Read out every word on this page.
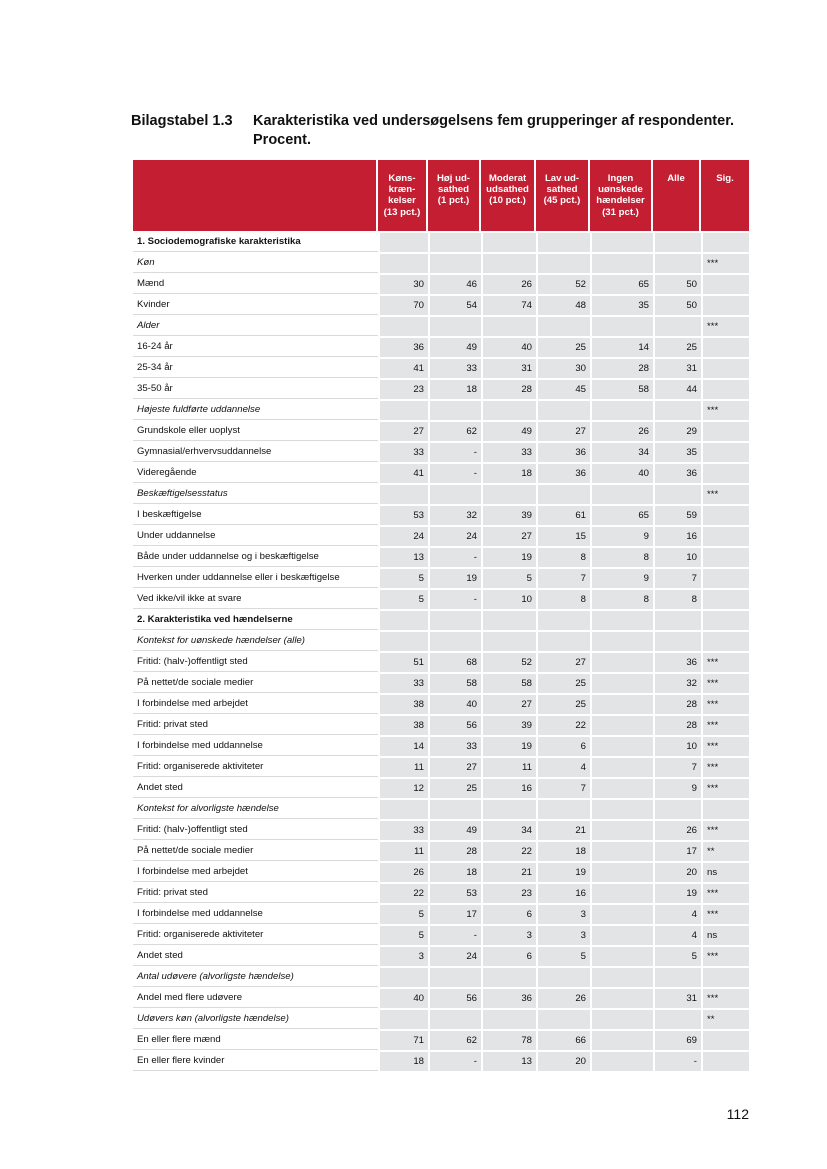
Bilagstabel 1.3	Karakteristika ved undersøgelsens fem grupperinger af respondenter. Procent.
	Køns-
kræn-
kelser
(13 pct.)	Høj ud-
sathed
(1 pct.)	Moderat
udsathed
(10 pct.)	Lav ud-
sathed
(45 pct.)	Ingen
uønskede
hændelser
(31 pct.)	Alle	Sig.
1. Sociodemografiske karakteristika							
Køn							***
Mænd	30	46	26	52	65	50	
Kvinder	70	54	74	48	35	50	
Alder							***
16-24 år	36	49	40	25	14	25	
25-34 år	41	33	31	30	28	31	
35-50 år	23	18	28	45	58	44	
Højeste fuldførte uddannelse							***
Grundskole eller uoplyst	27	62	49	27	26	29	
Gymnasial/erhvervsuddannelse	33	-	33	36	34	35	
Videregående	41	-	18	36	40	36	
Beskæftigelsesstatus							***
I beskæftigelse	53	32	39	61	65	59	
Under uddannelse	24	24	27	15	9	16	
Både under uddannelse og i beskæftigelse	13	-	19	8	8	10	
Hverken under uddannelse eller i beskæftigelse	5	19	5	7	9	7	
Ved ikke/vil ikke at svare	5	-	10	8	8	8	
2. Karakteristika ved hændelserne							
Kontekst for uønskede hændelser (alle)							
Fritid: (halv-)offentligt sted	51	68	52	27		36	***
På nettet/de sociale medier	33	58	58	25		32	***
I forbindelse med arbejdet	38	40	27	25		28	***
Fritid: privat sted	38	56	39	22		28	***
I forbindelse med uddannelse	14	33	19	6		10	***
Fritid: organiserede aktiviteter	11	27	11	4		7	***
Andet sted	12	25	16	7		9	***
Kontekst for alvorligste hændelse							
Fritid: (halv-)offentligt sted	33	49	34	21		26	***
På nettet/de sociale medier	11	28	22	18		17	**
I forbindelse med arbejdet	26	18	21	19		20	ns
Fritid: privat sted	22	53	23	16		19	***
I forbindelse med uddannelse	5	17	6	3		4	***
Fritid: organiserede aktiviteter	5	-	3	3		4	ns
Andet sted	3	24	6	5		5	***
Antal udøvere (alvorligste hændelse)							
Andel med flere udøvere	40	56	36	26		31	***
Udøvers køn (alvorligste hændelse)							**
En eller flere mænd	71	62	78	66		69	
En eller flere kvinder	18	-	13	20		-	
112
